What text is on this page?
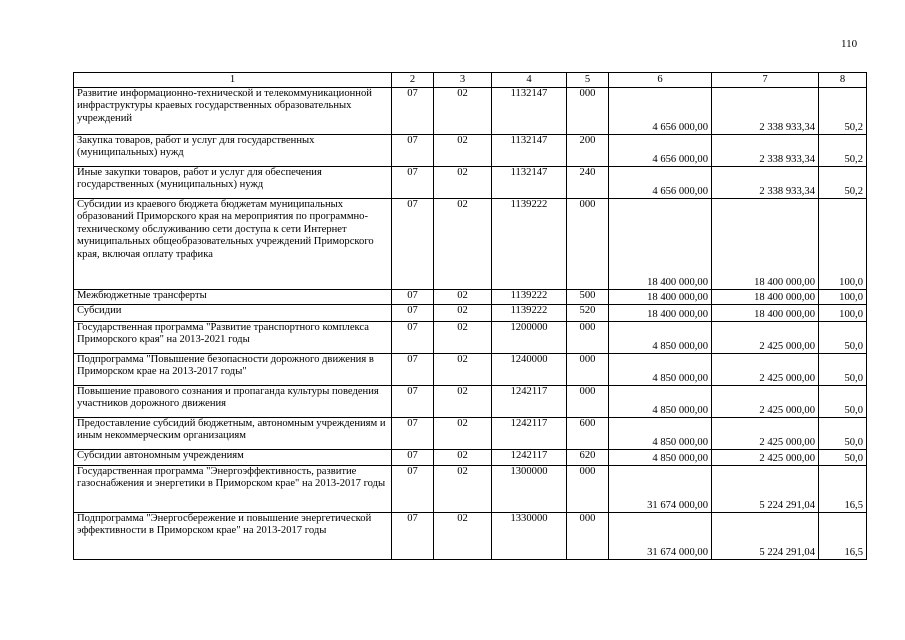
110
1	2	3	4	5	6	7	8
Развитие информационно-технической и телекоммуникационной инфраструктуры краевых государственных образовательных учреждений	07	02	1132147	000	4 656 000,00	2 338 933,34	50,2
Закупка товаров, работ и услуг для государственных (муниципальных) нужд	07	02	1132147	200	4 656 000,00	2 338 933,34	50,2
Иные закупки товаров, работ и услуг для обеспечения государственных (муниципальных) нужд	07	02	1132147	240	4 656 000,00	2 338 933,34	50,2
Субсидии из краевого бюджета бюджетам муниципальных образований Приморского края на мероприятия по программно-техническому обслуживанию сети доступа к сети Интернет муниципальных общеобразовательных учреждений Приморского края, включая оплату трафика	07	02	1139222	000	18 400 000,00	18 400 000,00	100,0
Межбюджетные трансферты	07	02	1139222	500	18 400 000,00	18 400 000,00	100,0
Субсидии	07	02	1139222	520	18 400 000,00	18 400 000,00	100,0
Государственная программа "Развитие транспортного комплекса Приморского края" на 2013-2021 годы	07	02	1200000	000	4 850 000,00	2 425 000,00	50,0
Подпрограмма "Повышение безопасности дорожного движения в Приморском крае на 2013-2017 годы"	07	02	1240000	000	4 850 000,00	2 425 000,00	50,0
Повышение правового сознания и пропаганда культуры поведения участников дорожного движения	07	02	1242117	000	4 850 000,00	2 425 000,00	50,0
Предоставление субсидий бюджетным, автономным учреждениям и иным некоммерческим организациям	07	02	1242117	600	4 850 000,00	2 425 000,00	50,0
Субсидии автономным учреждениям	07	02	1242117	620	4 850 000,00	2 425 000,00	50,0
Государственная программа "Энергоэффективность, развитие газоснабжения и энергетики в Приморском крае" на 2013-2017 годы	07	02	1300000	000	31 674 000,00	5 224 291,04	16,5
Подпрограмма "Энергосбережение и повышение энергетической эффективности в Приморском крае" на 2013-2017 годы	07	02	1330000	000	31 674 000,00	5 224 291,04	16,5
